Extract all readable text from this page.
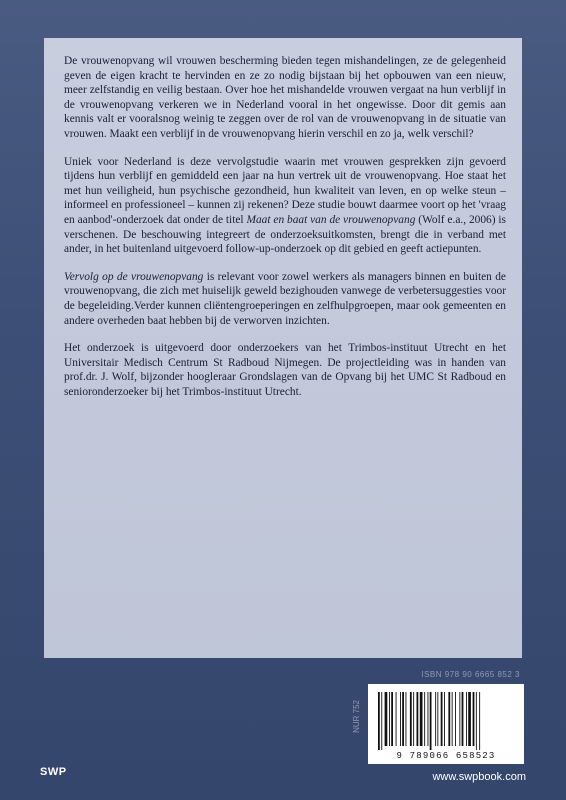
De vrouwenopvang wil vrouwen bescherming bieden tegen mishandelingen, ze de gelegenheid geven de eigen kracht te hervinden en ze zo nodig bijstaan bij het opbouwen van een nieuw, meer zelfstandig en veilig bestaan. Over hoe het mishandelde vrouwen vergaat na hun verblijf in de vrouwenopvang verkeren we in Nederland vooral in het ongewisse. Door dit gemis aan kennis valt er vooralsnog weinig te zeggen over de rol van de vrouwenopvang in de situatie van vrouwen. Maakt een verblijf in de vrouwenopvang hierin verschil en zo ja, welk verschil?

Uniek voor Nederland is deze vervolgstudie waarin met vrouwen gesprekken zijn gevoerd tijdens hun verblijf en gemiddeld een jaar na hun vertrek uit de vrouwenopvang. Hoe staat het met hun veiligheid, hun psychische gezondheid, hun kwaliteit van leven, en op welke steun – informeel en professioneel – kunnen zij rekenen? Deze studie bouwt daarmee voort op het 'vraag en aanbod'-onderzoek dat onder de titel Maat en baat van de vrouwenopvang (Wolf e.a., 2006) is verschenen. De beschouwing integreert de onderzoeksuitkomsten, brengt die in verband met ander, in het buitenland uitgevoerd follow-up-onderzoek op dit gebied en geeft actiepunten.

Vervolg op de vrouwenopvang is relevant voor zowel werkers als managers binnen en buiten de vrouwenopvang, die zich met huiselijk geweld bezighouden vanwege de verbetersuggesties voor de begeleiding.Verder kunnen cliëntengroeperingen en zelfhulpgroepen, maar ook gemeenten en andere overheden baat hebben bij de verworven inzichten.

Het onderzoek is uitgevoerd door onderzoekers van het Trimbos-instituut Utrecht en het Universitair Medisch Centrum St Radboud Nijmegen. De projectleiding was in handen van prof.dr. J. Wolf, bijzonder hoogleraar Grondslagen van de Opvang bij het UMC St Radboud en senioronderzoeker bij het Trimbos-instituut Utrecht.

ISBN 978 90 6665 852 3
NUR 752
9 789066 658523
www.swpbook.com
SWP
